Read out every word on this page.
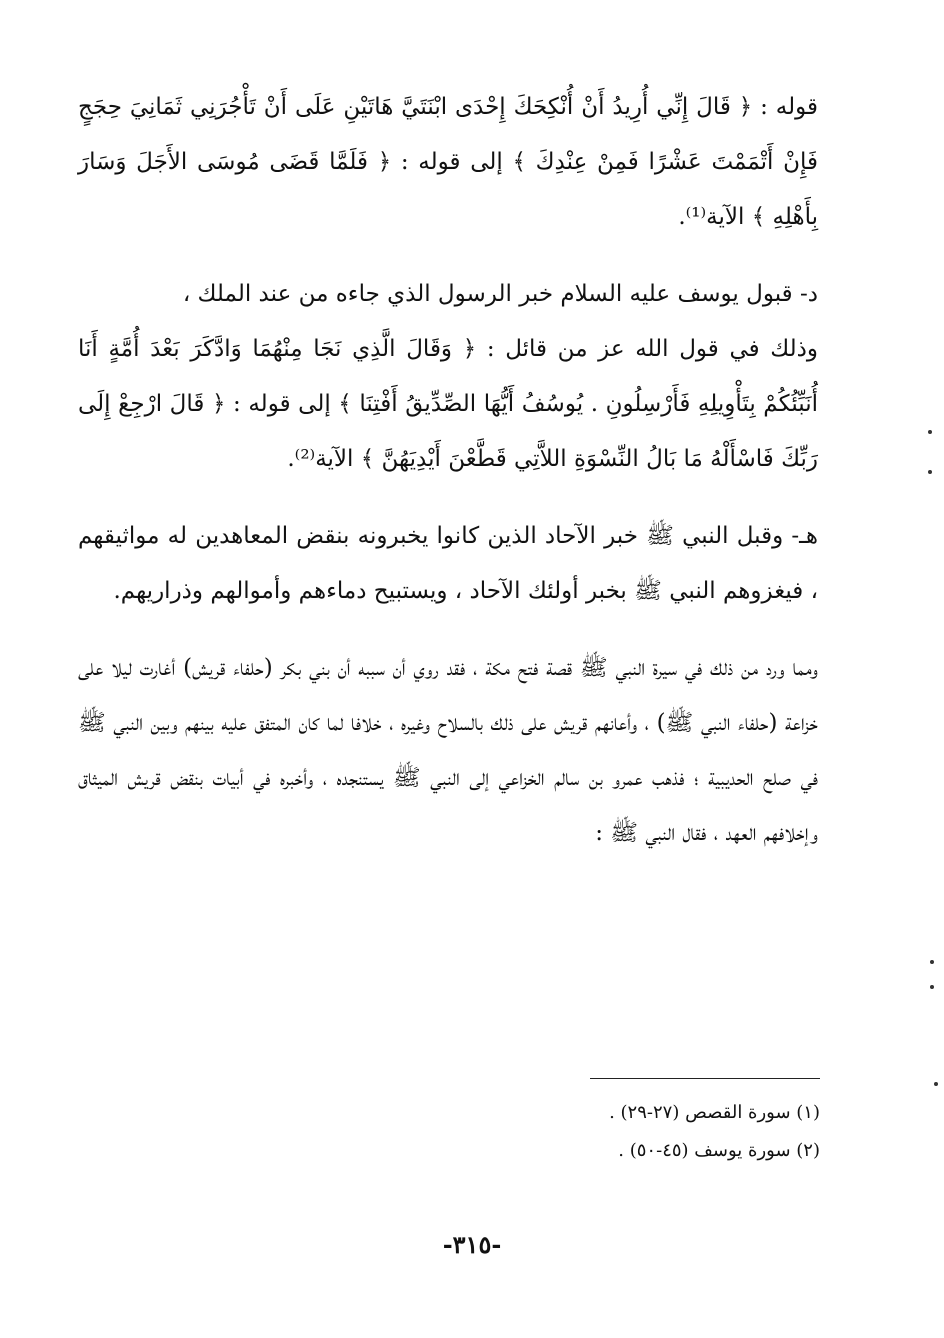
قوله : ﴿ قَالَ إِنِّي أُرِيدُ أَنْ أُنْكِحَكَ إِحْدَى ابْنَتَيَّ هَاتَيْنِ عَلَى أَنْ تَأْجُرَنِي ثَمَانِيَ حِجَجٍ فَإِنْ أَتْمَمْتَ عَشْرًا فَمِنْ عِنْدِكَ ﴾ إلى قوله : ﴿ فَلَمَّا قَضَى مُوسَى الأَجَلَ وَسَارَ بِأَهْلِهِ ﴾ الآية⁽¹⁾.

د- قبول يوسف عليه السلام خبر الرسول الذي جاءه من عند الملك ،

وذلك في قول الله عز من قائل : ﴿ وَقَالَ الَّذِي نَجَا مِنْهُمَا وَادَّكَرَ بَعْدَ أُمَّةٍ أَنَا أُنَبِّئُكُمْ بِتَأْوِيلِهِ فَأَرْسِلُونِ . يُوسُفُ أَيُّهَا الصِّدِّيقُ أَفْتِنَا ﴾ إلى قوله : ﴿ قَالَ ارْجِعْ إِلَى رَبِّكَ فَاسْأَلْهُ مَا بَالُ النِّسْوَةِ اللاَّتِي قَطَّعْنَ أَيْدِيَهُنَّ ﴾ الآية⁽²⁾.

هـ- وقبل النبي ﷺ خبر الآحاد الذين كانوا يخبرونه بنقض المعاهدين له مواثيقهم ، فيغزوهم النبي ﷺ بخبر أولئك الآحاد ، ويستبيح دماءهم وأموالهم وذراريهم.

ومما ورد من ذلك في سيرة النبي ﷺ قصة فتح مكة ، فقد روي أن سببه أن بني بكر (حلفاء قريش) أغارت ليلا على خزاعة (حلفاء النبي ﷺ) ، وأعانهم قريش على ذلك بالسلاح وغيره ، خلافا لما كان المتفق عليه بينهم وبين النبي ﷺ في صلح الحديبية ؛ فذهب عمرو بن سالم الخزاعي إلى النبي ﷺ يستنجده ، وأخبره في أبيات بنقض قريش الميثاق وإخلافهم العهد ، فقال النبي ﷺ :

(١) سورة القصص (٢٧-٢٩) .

(٢) سورة يوسف (٤٥-٥٠) .

-٣١٥-
